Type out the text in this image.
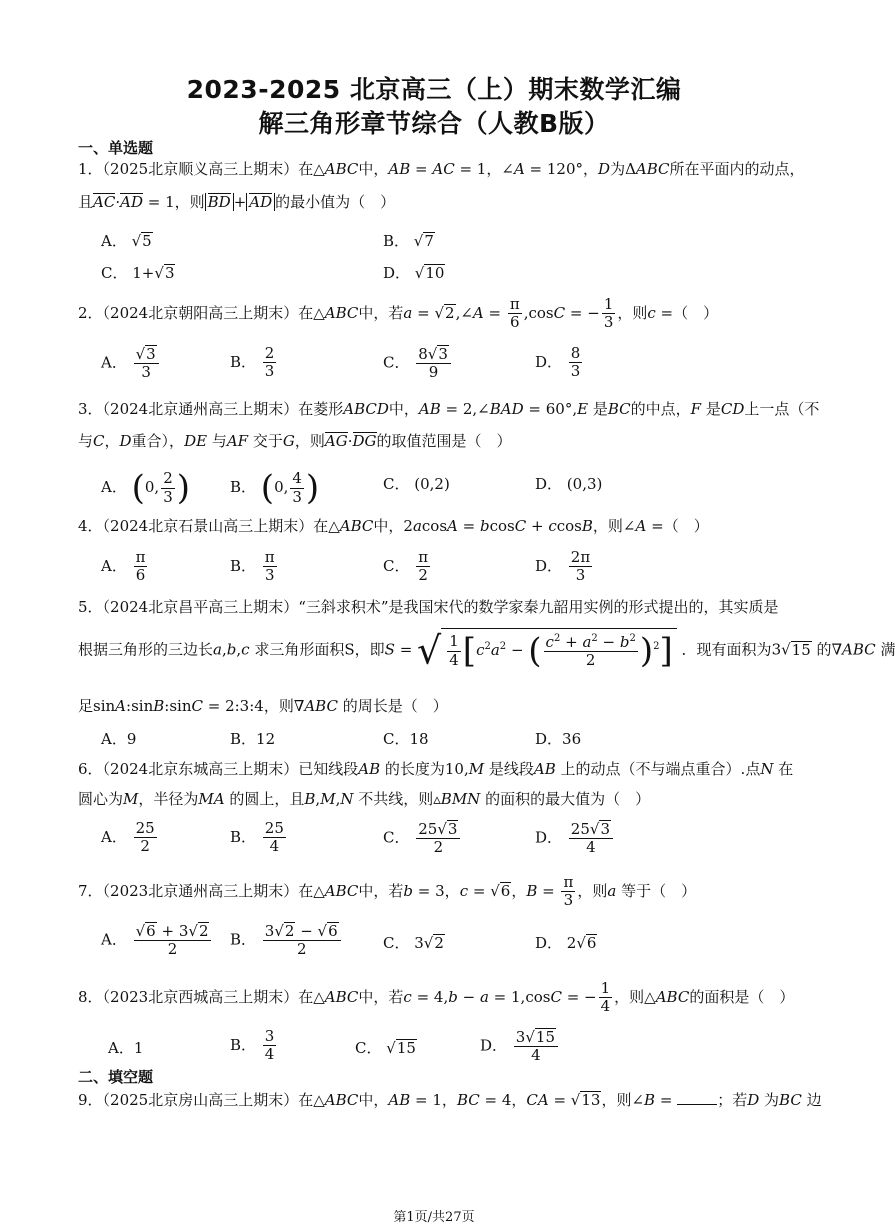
2023-2025 北京高三（上）期末数学汇编
解三角形章节综合（人教B版）
一、单选题
1．（2025北京顺义高三上期末）在△ABC中，AB = AC = 1，∠A = 120°，D为ΔABC所在平面内的动点，
且AC·AD = 1，则 BD + AD 的最小值为（　）
A． √5	B． √7
C． 1+√3	D． √10
2．（2024北京朝阳高三上期末）在△ABC中，若a = √2,∠A = $\frac{\pi}{6} ,\cos C$ = − $\frac{1}{3}$ ，则c =（　）
A． $\frac{√3}{3}$	B． $\frac{2}{3}$	C． $\frac{8√3}{9}$	D． $\frac{8}{3}$
3．（2024北京通州高三上期末）在菱形ABCD中，AB = 2,∠BAD = 60°,E 是BC的中点，F 是CD上一点（不
与C，D重合），DE 与AF 交于G，则AG·DG的取值范围是（　）
A． (0, $\frac{2}{3}$ )	B． (0, $\frac{4}{3}$ )	C． (0,2)	D． (0,3)
4．（2024北京石景山高三上期末）在△ABC中，2acosA = bcosC + ccosB，则∠A =（　）
A． $\frac{\pi}{6}$	B． $\frac{\pi}{3}$	C． $\frac{\pi}{2}$	D． $\frac{2\pi}{3}$
5．（2024北京昌平高三上期末）“三斜求积术”是我国宋代的数学家秦九韶用实例的形式提出的，其实质是
根据三角形的三边长a,b,c 求三角形面积S，即S = √ $\frac{1}{4} [c^2a^2$ − ( $\frac{c^2 + a^2 - b^2}{2} )^2$] ．现有面积为3√15 的∇ABC 满
足sinA:sinB:sinC = 2:3:4，则∇ABC 的周长是（　）
A．9	B．12	C．18	D．36
6．（2024北京东城高三上期末）已知线段AB 的长度为10,M 是线段AB 上的动点（不与端点重合）.点N 在
圆心为M，半径为MA 的圆上，且B,M,N 不共线，则▵BMN 的面积的最大值为（　）
A． $\frac{25}{2}$	B． $\frac{25}{4}$	C． $\frac{25√3}{2}$	D． $\frac{25√3}{4}$
7．（2023北京通州高三上期末）在△ABC中，若b = 3，c = √6，$B = \frac{\pi}{3}$ ，则a 等于（　）
A． $\frac{√6 + 3√2}{2}$ B． $\frac{3√2 - √6}{2}$	C． 3√2	D． 2√6
8．（2023北京西城高三上期末）在△ABC中，若c = 4,b − a = 1,cosC = − $\frac{1}{4}$ ，则△ABC的面积是（　）
A．1	B． $\frac{3}{4}$	C． √15	D． $\frac{3√15}{4}$
二、填空题
9．（2025北京房山高三上期末）在△ABC中，AB = 1，BC = 4，CA = √13，则∠B =	；若D 为BC 边
第1页/共27页
